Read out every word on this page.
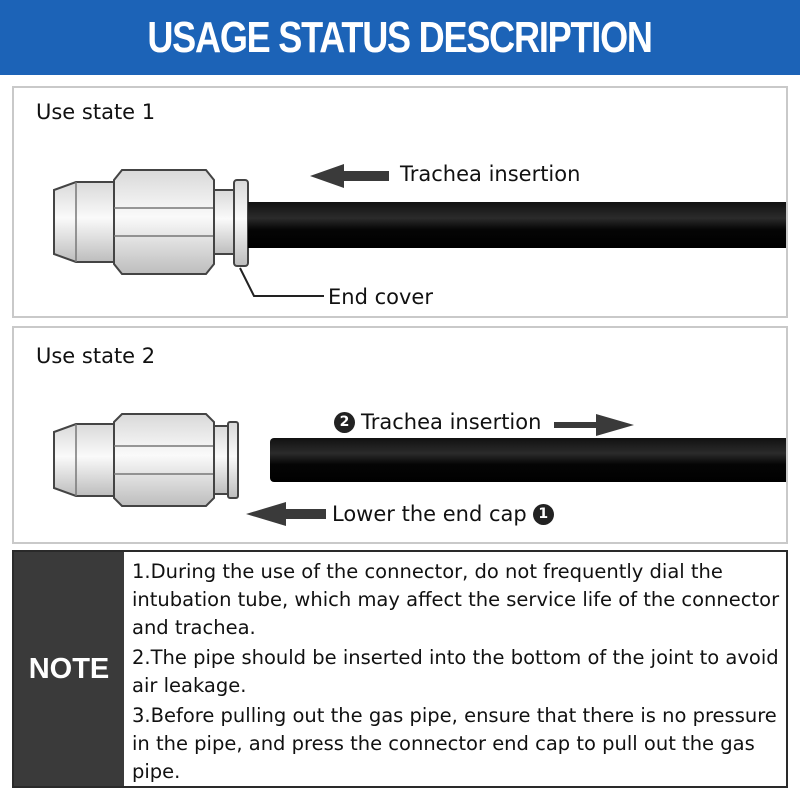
USAGE STATUS DESCRIPTION
Use state 1
Trachea insertion
End cover
Use state 2
2 Trachea insertion
Lower the end cap 1
NOTE

1.During the use of the connector, do not frequently dial the intubation tube, which may affect the service life of the connector and trachea.

2.The pipe should be inserted into the bottom of the joint to avoid air leakage.

3.Before pulling out the gas pipe, ensure that there is no pressure in the pipe, and press the connector end cap to pull out the gas pipe.
